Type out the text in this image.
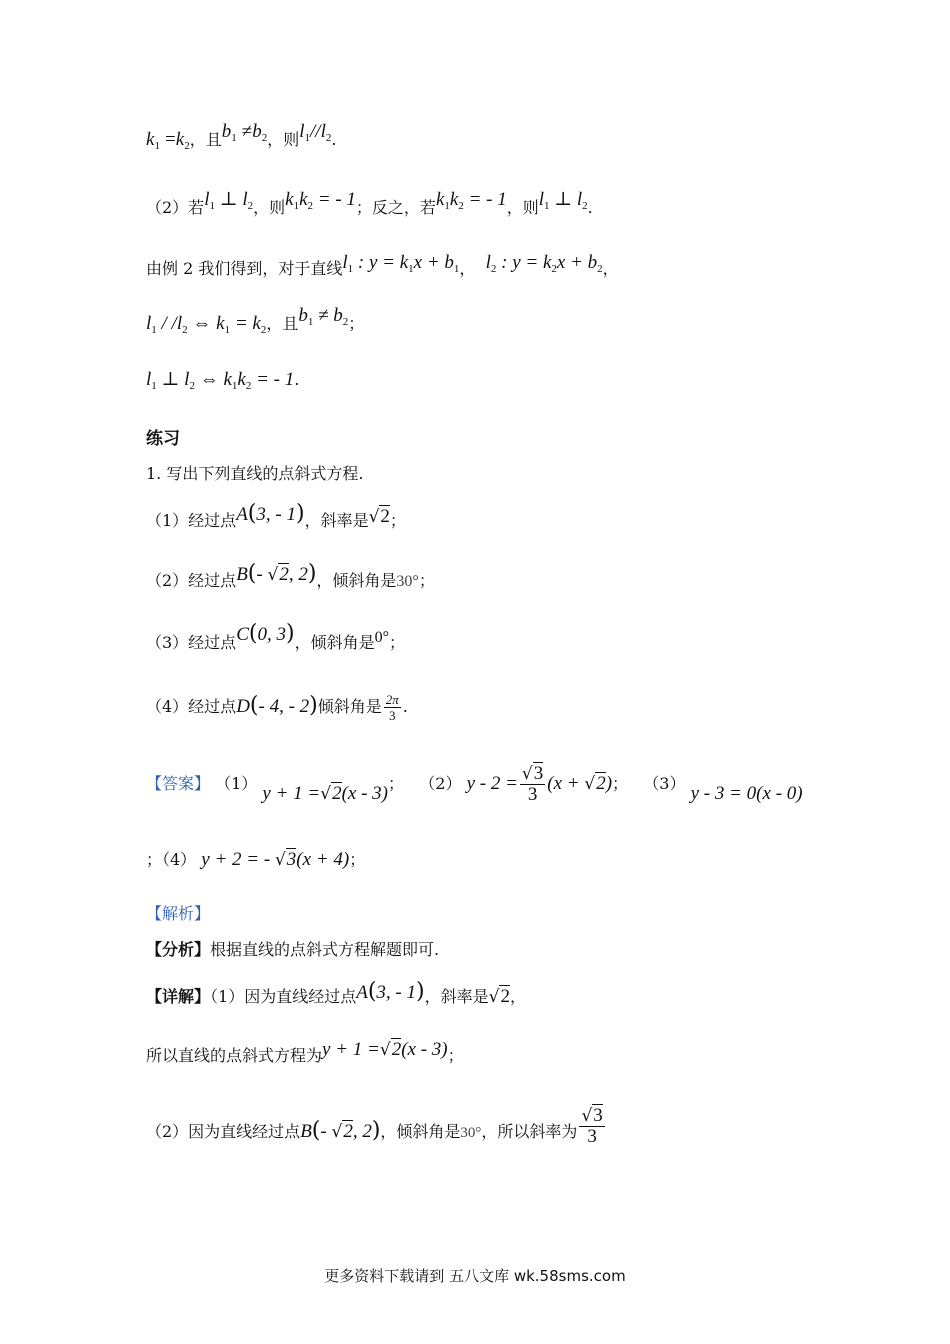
$k_1 =k_2$，且$b_1 \ne b_2$，则$l_1//l_2$.
（2）若$l_1$ ⊥ $l_2$，则$k_1k_2$ = - 1；反之，若$k_1k_2$ = - 1，则$l_1$ ⊥ $l_2$.
由例 2 我们得到，对于直线$l_1$ : $y = k_1x + b_1$， $l_2$ : $y = k_2x + b_2$，
$l_1 / /l_2$ ⇔ $k_1 = k_2$，且$b_1 \ne b_2$；
$l_1$ ⊥ $l_2$ ⇔ $k_1k_2$ = - 1.
练习
1. 写出下列直线的点斜式方程.
（1）经过点A(3, - 1)，斜率是√2；
（2）经过点B(- √2, 2)，倾斜角是30°；
（3）经过点C(0, 3)，倾斜角是0°；
（4）经过点D(- 4, - 2)倾斜角是 $\frac{2\pi}{3}$ .
【答案】 （1） y + 1 =√2(x - 3)； （2） $y - 2 = \frac{√3}{3} (x + √2)$； （3） y - 3 = 0(x - 0)
；（4） y + 2 = - √3(x + 4)；
【解析】
【分析】根据直线的点斜式方程解题即可.
【详解】（1）因为直线经过点A(3, - 1)，斜率是√2，
所以直线的点斜式方程为y + 1 =√2(x - 3)；
（2）因为直线经过点B(- √2, 2)，倾斜角是30°，所以斜率为 $\frac{√3}{3}$
更多资料下载请到 五八文库 wk.58sms.com
